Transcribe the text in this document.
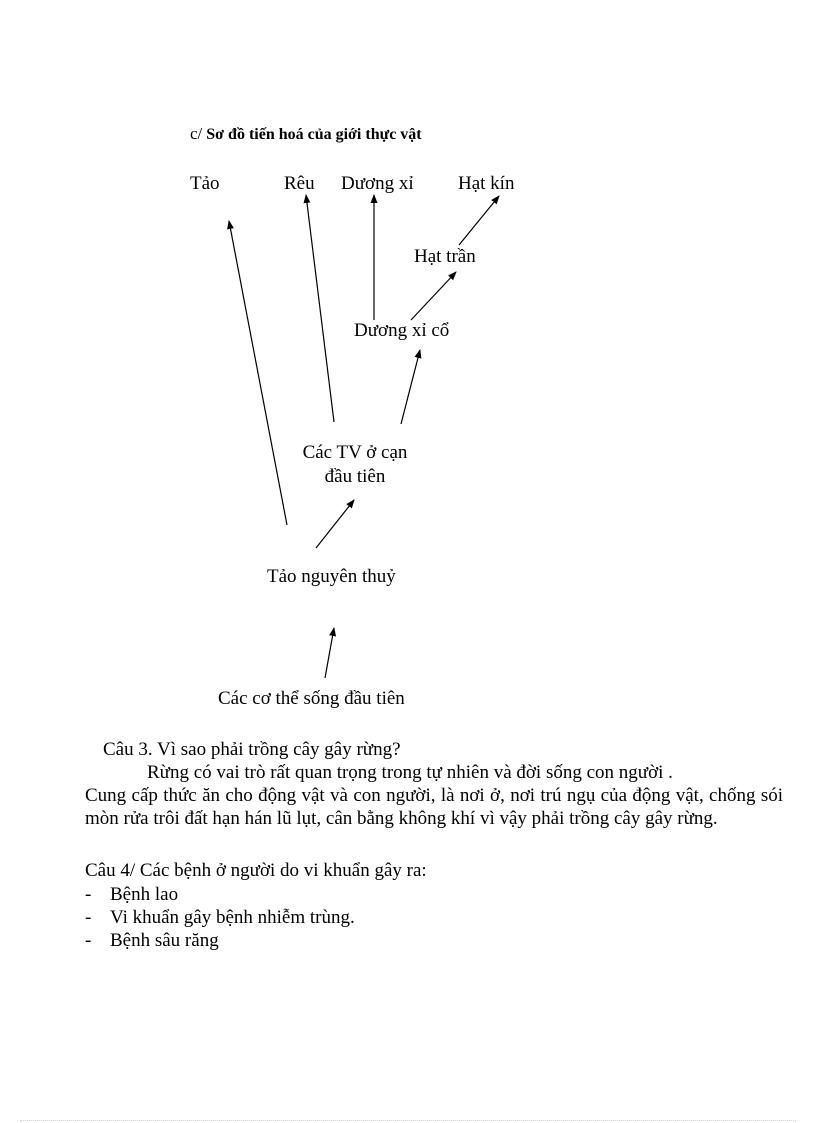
c/ Sơ đồ tiến hoá của giới thực vật
Tảo	Rêu Dương xỉ Hạt kín
Hạt trần
Dương xỉ cổ
Các TV ở cạn
đầu tiên
Tảo nguyên thuỷ
Các cơ thể sống đầu tiên
Câu 3. Vì sao phải trồng cây gây rừng?
Rừng có vai trò rất quan trọng trong tự nhiên và đời sống con người .
Cung cấp thức ăn cho động vật và con người, là nơi ở, nơi trú ngụ của động vật, chống sói mòn rửa trôi đất hạn hán lũ lụt, cân bằng không khí vì vậy phải trồng cây gây rừng.
Câu 4/ Các bệnh ở người do vi khuẩn gây ra:
- Bệnh lao
- Vi khuẩn gây bệnh nhiễm trùng.
- Bệnh sâu răng
